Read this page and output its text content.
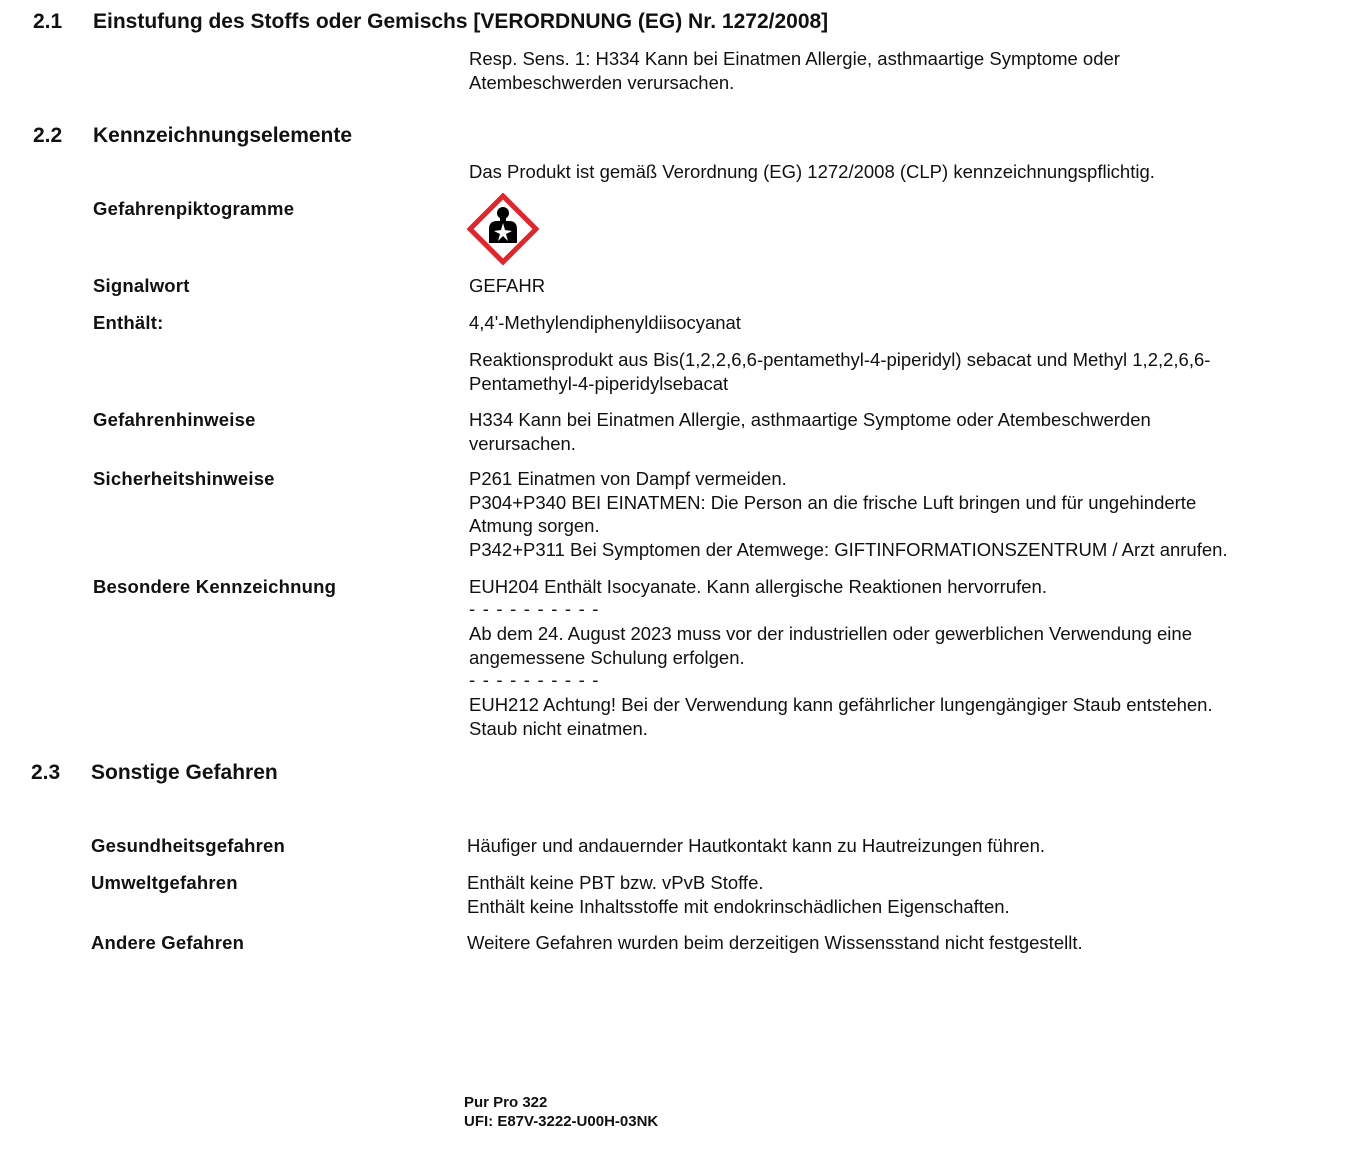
2.1 Einstufung des Stoffs oder Gemischs [VERORDNUNG (EG) Nr. 1272/2008]
Resp. Sens. 1: H334 Kann bei Einatmen Allergie, asthmaartige Symptome oder
Atembeschwerden verursachen.
2.2 Kennzeichnungselemente
Das Produkt ist gemäß Verordnung (EG) 1272/2008 (CLP) kennzeichnungspflichtig.
Gefahrenpiktogramme
Signalwort	GEFAHR
Enthält:	4,4'-Methylendiphenyldiisocyanat
Reaktionsprodukt aus Bis(1,2,2,6,6-pentamethyl-4-piperidyl) sebacat und Methyl 1,2,2,6,6-
Pentamethyl-4-piperidylsebacat
Gefahrenhinweise	H334 Kann bei Einatmen Allergie, asthmaartige Symptome oder Atembeschwerden
verursachen.
Sicherheitshinweise	P261 Einatmen von Dampf vermeiden.
P304+P340 BEI EINATMEN: Die Person an die frische Luft bringen und für ungehinderte
Atmung sorgen.
P342+P311 Bei Symptomen der Atemwege: GIFTINFORMATIONSZENTRUM / Arzt anrufen.
Besondere Kennzeichnung	EUH204 Enthält Isocyanate. Kann allergische Reaktionen hervorrufen.
- - - - - - - - - -
Ab dem 24. August 2023 muss vor der industriellen oder gewerblichen Verwendung eine
angemessene Schulung erfolgen.
- - - - - - - - - -
EUH212 Achtung! Bei der Verwendung kann gefährlicher lungengängiger Staub entstehen.
Staub nicht einatmen.
2.3 Sonstige Gefahren
Gesundheitsgefahren	Häufiger und andauernder Hautkontakt kann zu Hautreizungen führen.
Umweltgefahren	Enthält keine PBT bzw. vPvB Stoffe.
Enthält keine Inhaltsstoffe mit endokrinschädlichen Eigenschaften.
Andere Gefahren	Weitere Gefahren wurden beim derzeitigen Wissensstand nicht festgestellt.
Pur Pro 322
UFI: E87V-3222-U00H-03NK
